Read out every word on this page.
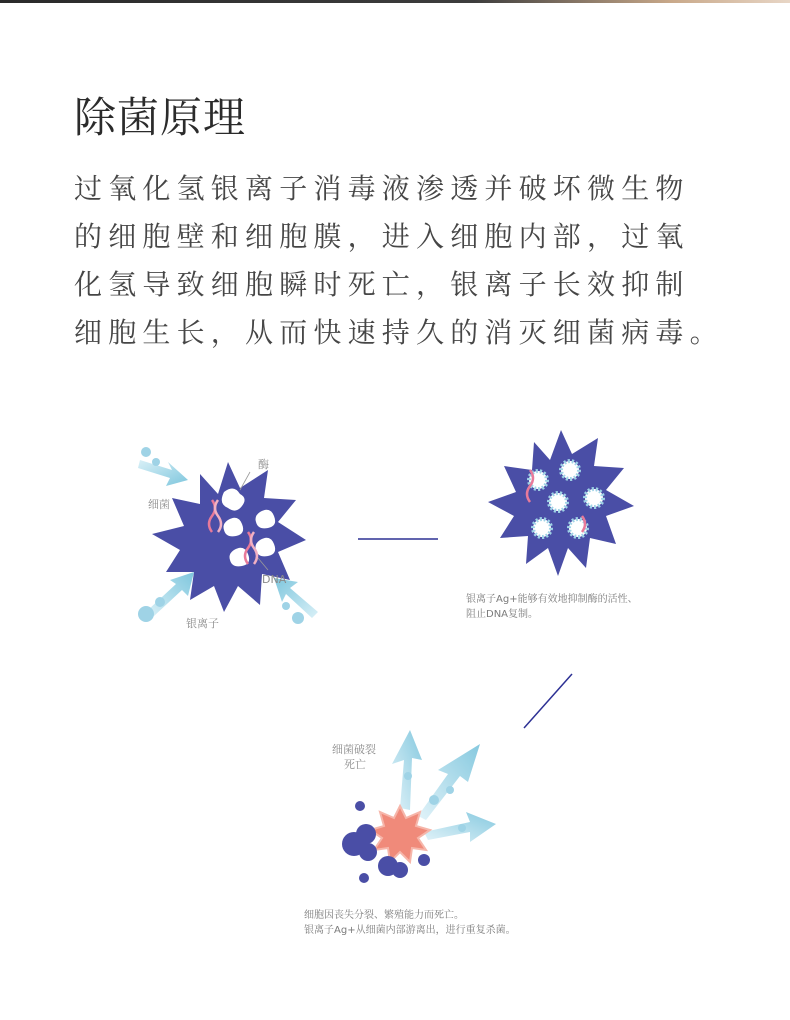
除菌原理

过氧化氢银离子消毒液渗透并破坏微生物
的细胞壁和细胞膜，进入细胞内部，过氧
化氢导致细胞瞬时死亡，银离子长效抑制
细胞生长，从而快速持久的消灭细菌病毒。

酶
细菌
DNA
银离子
银离子Ag+能够有效地抑制酶的活性、
阻止DNA复制。
细菌破裂
死亡
细胞因丧失分裂、繁殖能力而死亡。
银离子Ag+从细菌内部游离出，进行重复杀菌。
